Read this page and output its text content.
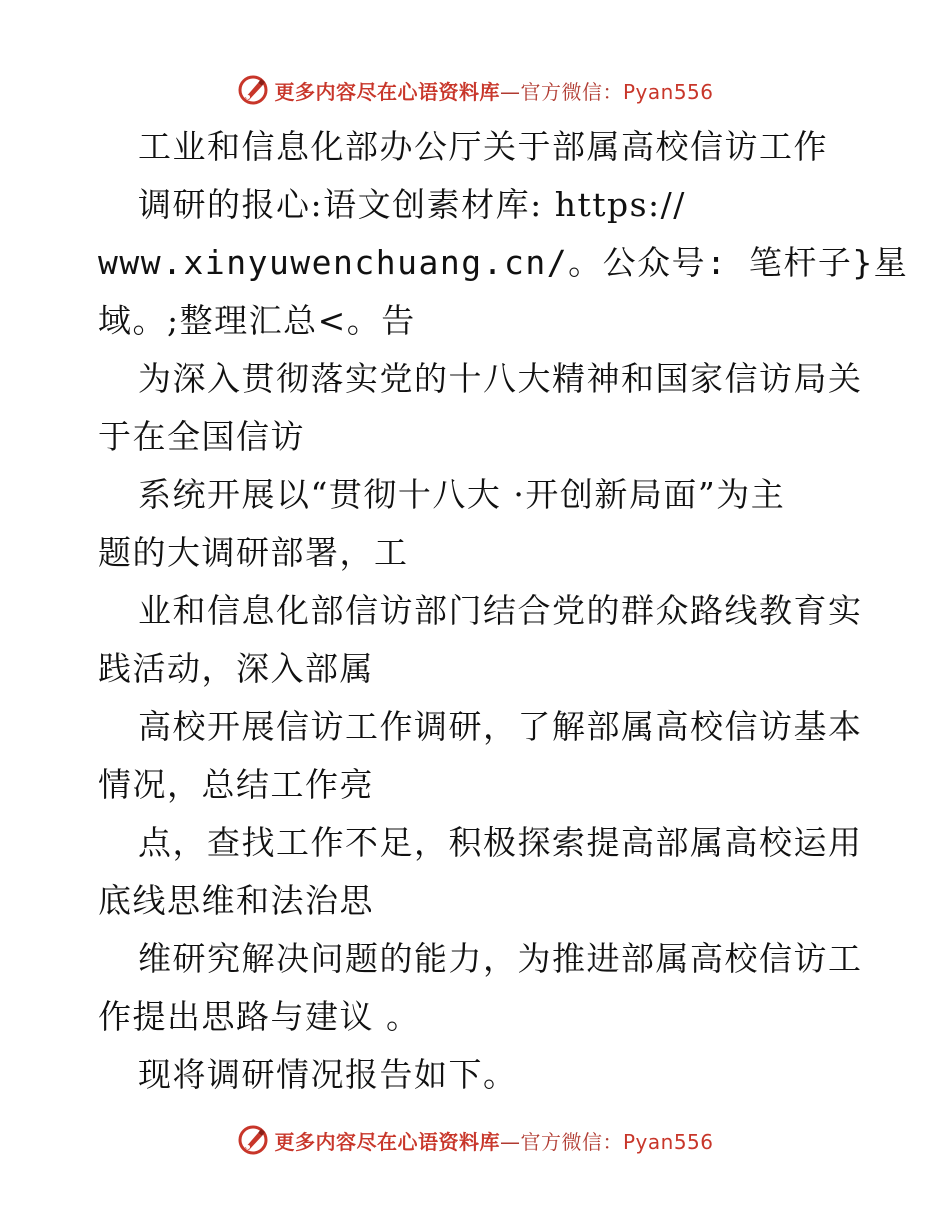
更多内容尽在心语资料库—官方微信：Pyan556
工业和信息化部办公厅关于部属高校信访工作
调研的报心:语文创素材库: https://
www.xinyuwenchuang.cn/。公众号: 笔杆子}星
域。;整理汇总<。告
为深入贯彻落实党的十八大精神和国家信访局关
于在全国信访
系统开展以“贯彻十八大 ·开创新局面”为主
题的大调研部署，工
业和信息化部信访部门结合党的群众路线教育实
践活动，深入部属
高校开展信访工作调研，了解部属高校信访基本
情况，总结工作亮
点，查找工作不足，积极探索提高部属高校运用
底线思维和法治思
维研究解决问题的能力，为推进部属高校信访工
作提出思路与建议 。
现将调研情况报告如下。
更多内容尽在心语资料库—官方微信：Pyan556
